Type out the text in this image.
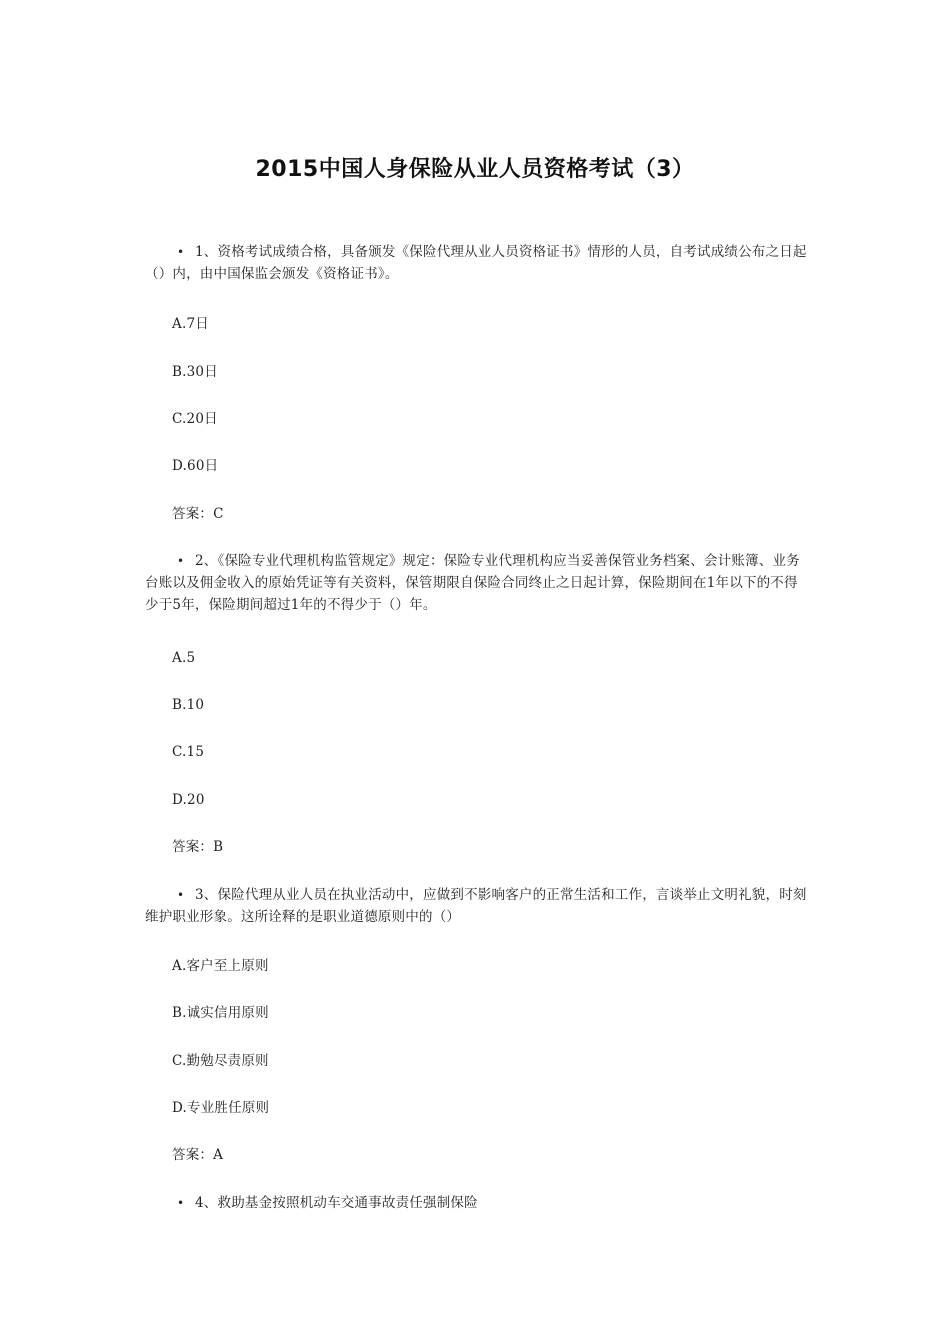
2015中国人身保险从业人员资格考试（3）
• 1、资格考试成绩合格，具备颁发《保险代理从业人员资格证书》情形的人员，自考试成绩公布之日起（）内，由中国保监会颁发《资格证书》。
A.7日
B.30日
C.20日
D.60日
答案：C
• 2、《保险专业代理机构监管规定》规定：保险专业代理机构应当妥善保管业务档案、会计账簿、业务台账以及佣金收入的原始凭证等有关资料，保管期限自保险合同终止之日起计算，保险期间在1年以下的不得少于5年，保险期间超过1年的不得少于（）年。
A.5
B.10
C.15
D.20
答案：B
• 3、保险代理从业人员在执业活动中，应做到不影响客户的正常生活和工作，言谈举止文明礼貌，时刻维护职业形象。这所诠释的是职业道德原则中的（）
A.客户至上原则
B.诚实信用原则
C.勤勉尽责原则
D.专业胜任原则
答案：A
• 4、救助基金按照机动车交通事故责任强制保险
